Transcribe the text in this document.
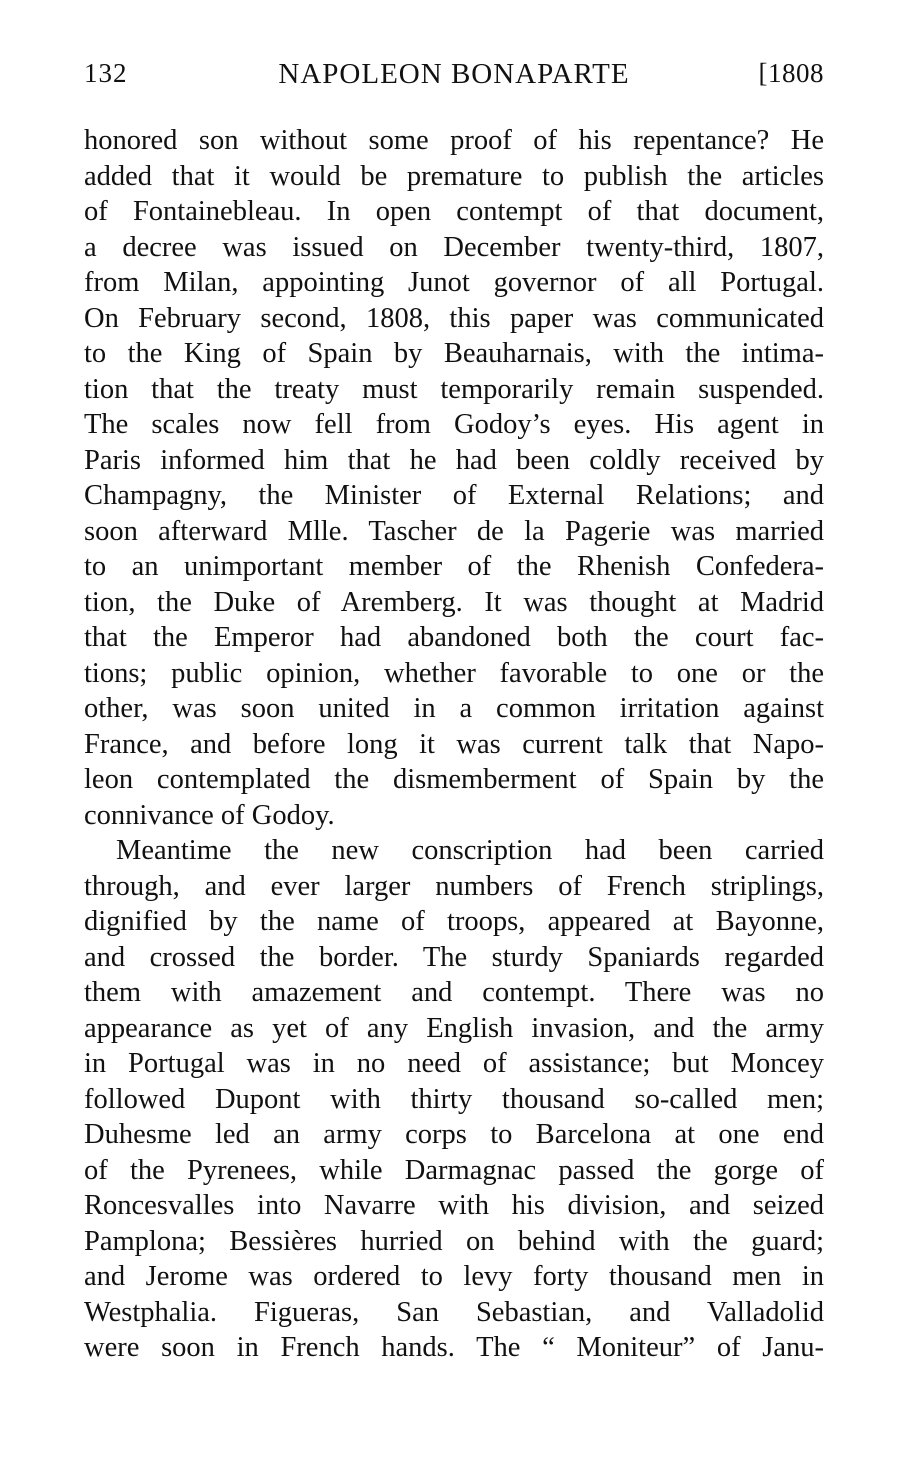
132	NAPOLEON BONAPARTE	[1808
honored son without some proof of his repentance? He
added that it would be premature to publish the articles
of Fontainebleau. In open contempt of that document,
a decree was issued on December twenty-third, 1807,
from Milan, appointing Junot governor of all Portugal.
On February second, 1808, this paper was communicated
to the King of Spain by Beauharnais, with the intima-
tion that the treaty must temporarily remain suspended.
The scales now fell from Godoy’s eyes. His agent in
Paris informed him that he had been coldly received by
Champagny, the Minister of External Relations; and
soon afterward Mlle. Tascher de la Pagerie was married
to an unimportant member of the Rhenish Confedera-
tion, the Duke of Aremberg. It was thought at Madrid
that the Emperor had abandoned both the court fac-
tions; public opinion, whether favorable to one or the
other, was soon united in a common irritation against
France, and before long it was current talk that Napo-
leon contemplated the dismemberment of Spain by the
connivance of Godoy.
Meantime the new conscription had been carried
through, and ever larger numbers of French striplings,
dignified by the name of troops, appeared at Bayonne,
and crossed the border. The sturdy Spaniards regarded
them with amazement and contempt. There was no
appearance as yet of any English invasion, and the army
in Portugal was in no need of assistance; but Moncey
followed Dupont with thirty thousand so-called men;
Duhesme led an army corps to Barcelona at one end
of the Pyrenees, while Darmagnac passed the gorge of
Roncesvalles into Navarre with his division, and seized
Pamplona; Bessières hurried on behind with the guard;
and Jerome was ordered to levy forty thousand men in
Westphalia. Figueras, San Sebastian, and Valladolid
were soon in French hands. The “ Moniteur” of Janu-
